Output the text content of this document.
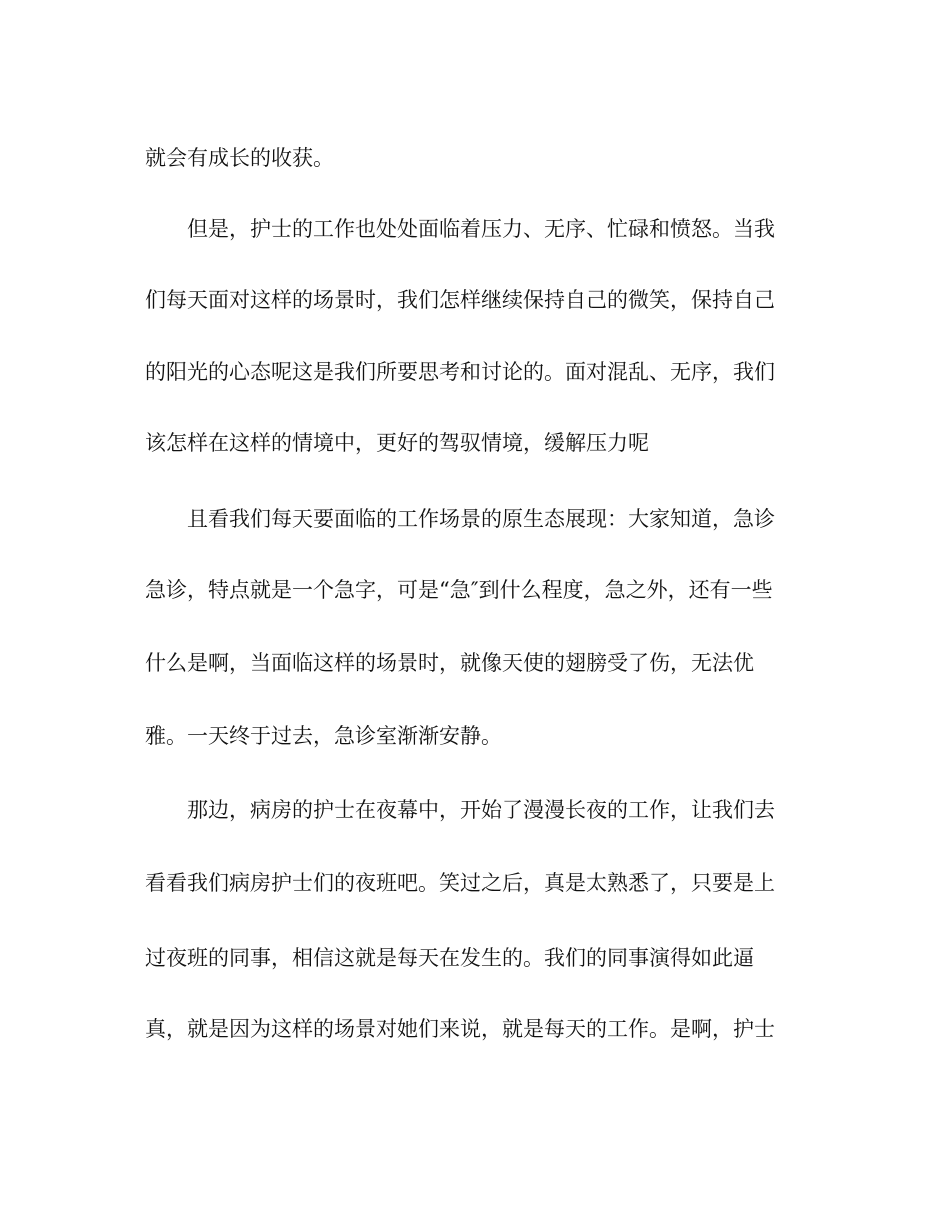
就会有成长的收获。

但是，护士的工作也处处面临着压力、无序、忙碌和愤怒。当我

们每天面对这样的场景时，我们怎样继续保持自己的微笑，保持自己

的阳光的心态呢这是我们所要思考和讨论的。面对混乱、无序，我们

该怎样在这样的情境中，更好的驾驭情境，缓解压力呢

且看我们每天要面临的工作场景的原生态展现：大家知道，急诊

急诊，特点就是一个急字，可是“急″到什么程度，急之外，还有一些

什么是啊，当面临这样的场景时，就像天使的翅膀受了伤，无法优

雅。一天终于过去，急诊室渐渐安静。

那边，病房的护士在夜幕中，开始了漫漫长夜的工作，让我们去

看看我们病房护士们的夜班吧。笑过之后，真是太熟悉了，只要是上

过夜班的同事，相信这就是每天在发生的。我们的同事演得如此逼

真，就是因为这样的场景对她们来说，就是每天的工作。是啊，护士
